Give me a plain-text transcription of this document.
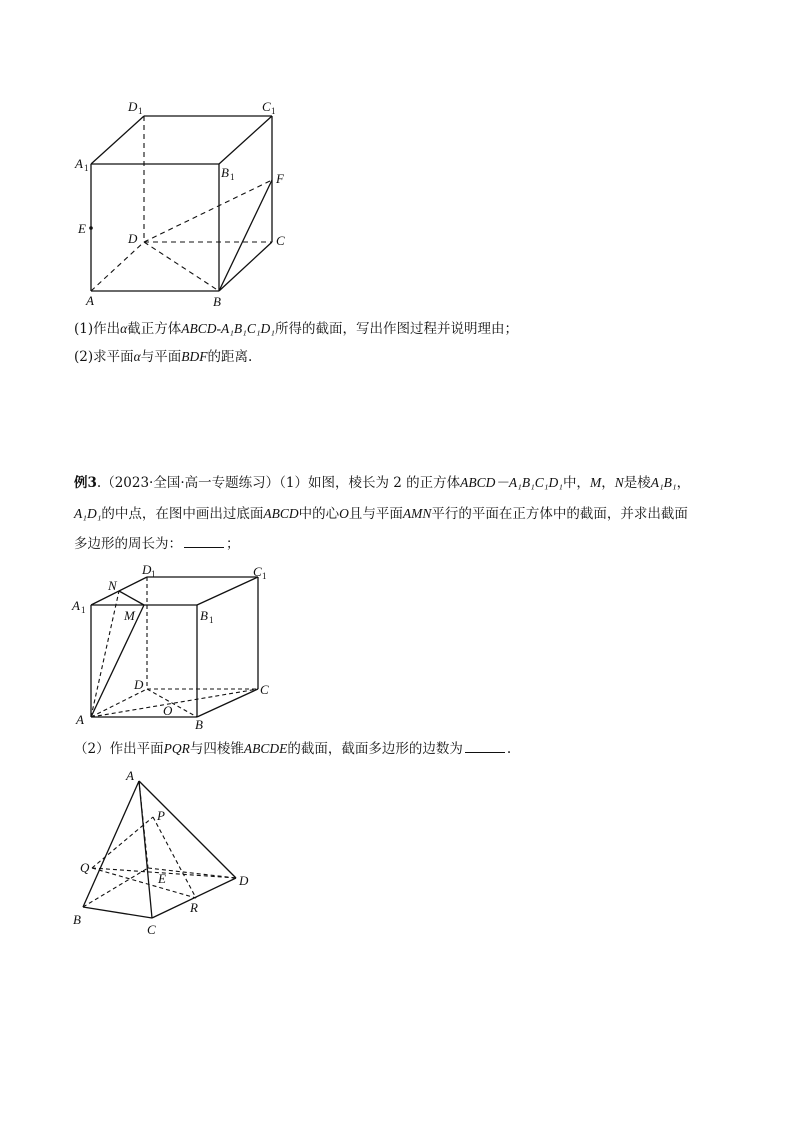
D 1	C 1
A 1	B 1	F
E
D	C
A	B
(1)作出α截正方体ABCD-A₁B₁C₁D₁所得的截面，写出作图过程并说明理由；
(2)求平面α与平面BDF的距离.
例3.（2023·全国·高一专题练习）（1）如图，棱长为 2 的正方体ABCD－A₁B₁C₁D₁中，M，N是棱A₁B₁，
A₁D₁的中点，在图中画出过底面ABCD中的心O且与平面AMN平行的平面在正方体中的截面，并求出截面
多边形的周长为：	；
N
D 1	C 1
A 1	M	B 1
D	C
A
O
B
（2）作出平面PQR与四棱锥ABCDE的截面，截面多边形的边数为	.
A
P
Q
E	D
R
B
C
